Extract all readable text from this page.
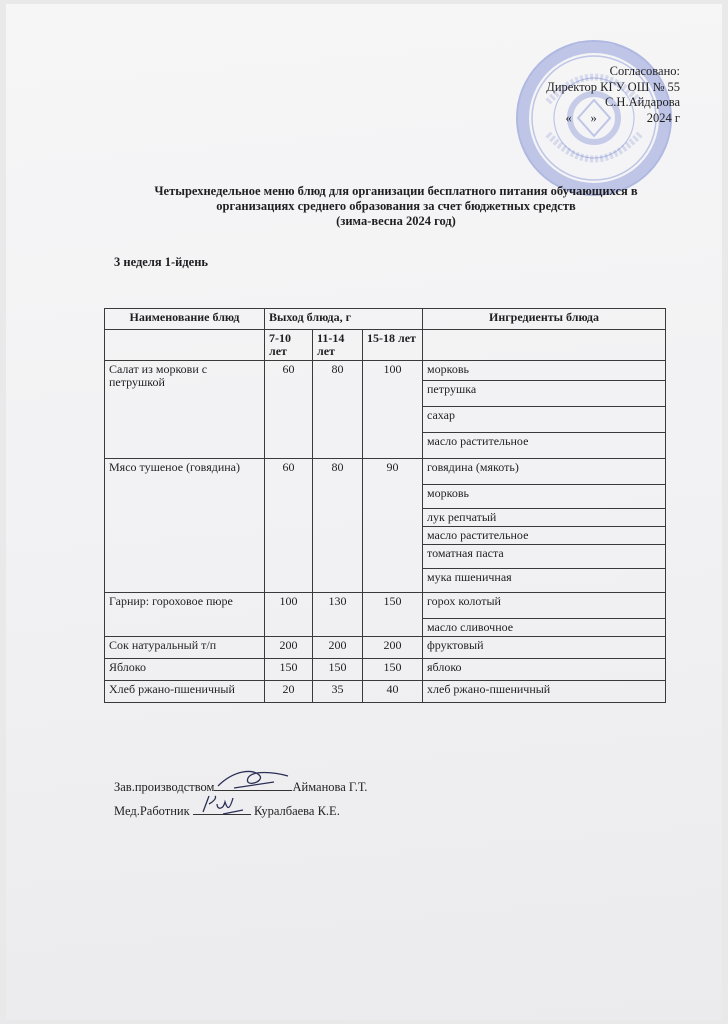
Согласовано:
Директор КГУ ОШ № 55
С.Н.Айдарова
«      »                2024 г
Четырехнедельное меню блюд для организации бесплатного питания обучающихся в
организациях среднего образования за счет бюджетных средств
(зима-весна 2024 год)
3 неделя 1-йдень
Наименование блюд	Выход блюда, г			Ингредиенты блюда
	7-10 лет	11-14 лет	15-18 лет	
Салат из моркови с петрушкой	60	80	100	морковь
				петрушка
				сахар
				масло растительное
Мясо тушеное (говядина)	60	80	90	говядина (мякоть)
				морковь
				лук репчатый
				масло растительное
				томатная паста
				мука пшеничная
Гарнир: гороховое пюре	100	130	150	горох колотый
				масло сливочное
Сок натуральный т/п	200	200	200	фруктовый
Яблоко	150	150	150	яблоко
Хлеб ржано-пшеничный	20	35	40	хлеб ржано-пшеничный
Зав.производством	Айманова Г.Т.
Мед.Работник	Куралбаева К.Е.
